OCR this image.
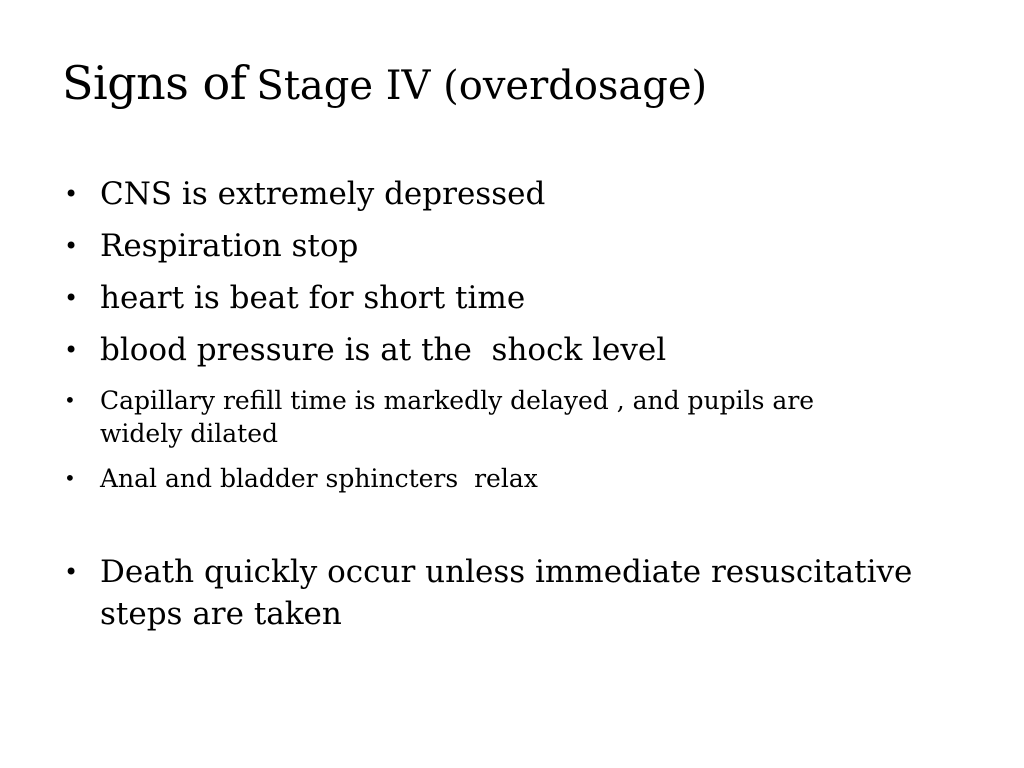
Signs of Stage IV (overdosage)
• CNS is extremely depressed
• Respiration stop
• heart is beat for short time
• blood pressure is at the  shock level
• Capillary refill time is markedly delayed , and pupils are widely dilated
• Anal and bladder sphincters  relax
• Death quickly occur unless immediate resuscitative steps are taken
